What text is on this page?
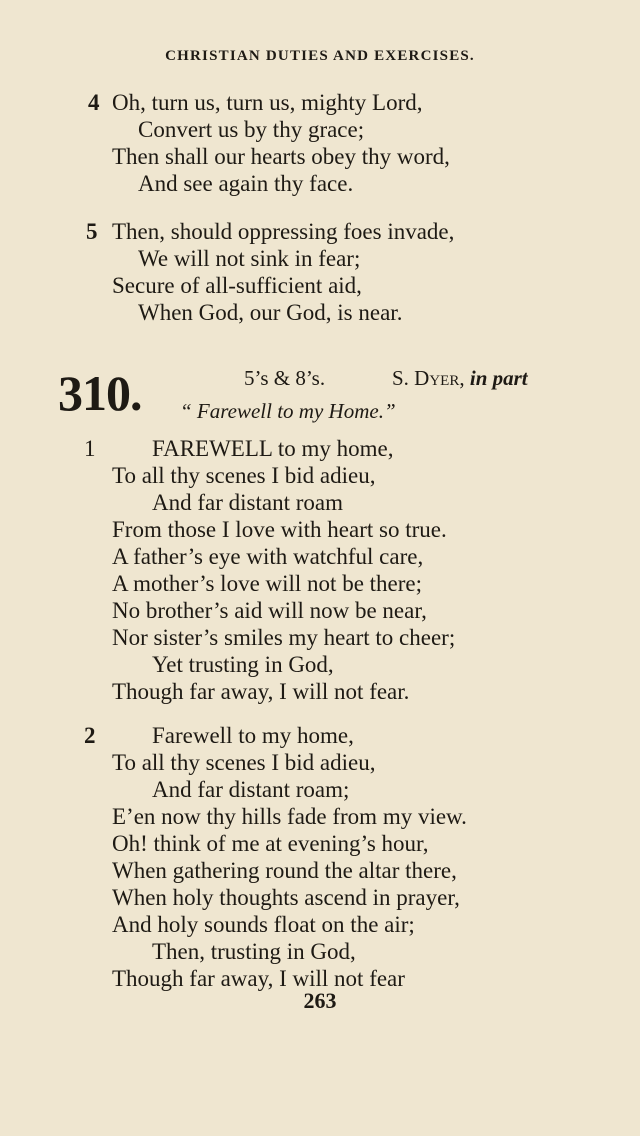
CHRISTIAN DUTIES AND EXERCISES.
4 Oh, turn us, turn us, mighty Lord,
Convert us by thy grace;
Then shall our hearts obey thy word,
And see again thy face.
5 Then, should oppressing foes invade,
We will not sink in fear;
Secure of all-sufficient aid,
When God, our God, is near.
310.	5’s & 8’s.	S. Dyer, in part
“ Farewell to my Home.”
1 FAREWELL to my home,
To all thy scenes I bid adieu,
And far distant roam
From those I love with heart so true.
A father’s eye with watchful care,
A mother’s love will not be there;
No brother’s aid will now be near,
Nor sister’s smiles my heart to cheer;
Yet trusting in God,
Though far away, I will not fear.
2 Farewell to my home,
To all thy scenes I bid adieu,
And far distant roam;
E’en now thy hills fade from my view.
Oh! think of me at evening’s hour,
When gathering round the altar there,
When holy thoughts ascend in prayer,
And holy sounds float on the air;
Then, trusting in God,
Though far away, I will not fear
263
